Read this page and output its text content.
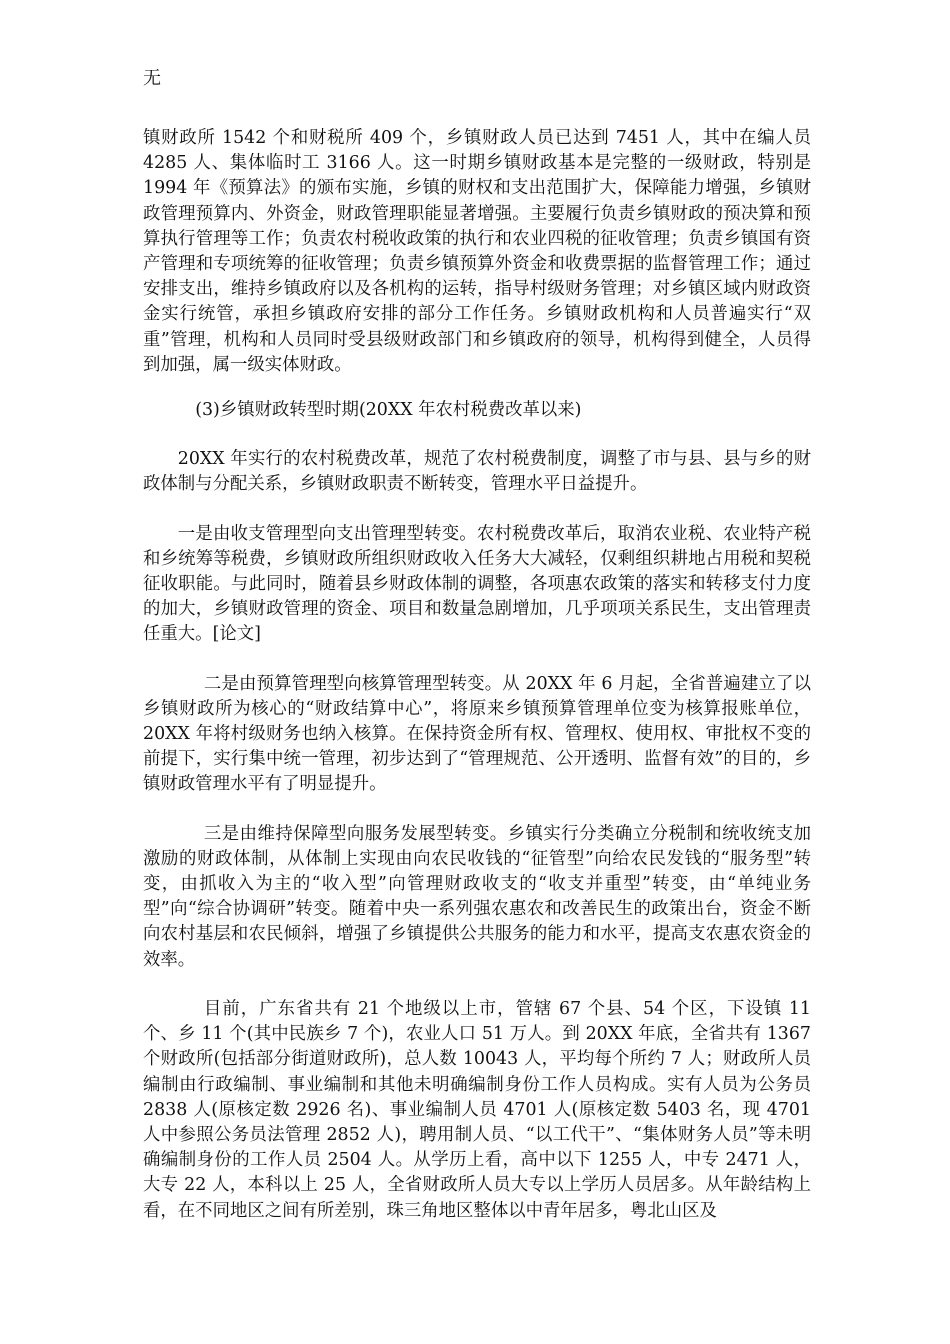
无

镇财政所 1542 个和财税所 409 个，乡镇财政人员已达到 7451 人，其中在编人员 4285 人、集体临时工 3166 人。这一时期乡镇财政基本是完整的一级财政，特别是 1994 年《预算法》的颁布实施，乡镇的财权和支出范围扩大，保障能力增强，乡镇财政管理预算内、外资金，财政管理职能显著增强。主要履行负责乡镇财政的预决算和预算执行管理等工作；负责农村税收政策的执行和农业四税的征收管理；负责乡镇国有资产管理和专项统筹的征收管理；负责乡镇预算外资金和收费票据的监督管理工作；通过安排支出，维持乡镇政府以及各机构的运转，指导村级财务管理；对乡镇区域内财政资金实行统管，承担乡镇政府安排的部分工作任务。乡镇财政机构和人员普遍实行“双重”管理，机构和人员同时受县级财政部门和乡镇政府的领导，机构得到健全，人员得到加强，属一级实体财政。

(3)乡镇财政转型时期(20XX 年农村税费改革以来)

20XX 年实行的农村税费改革，规范了农村税费制度，调整了市与县、县与乡的财政体制与分配关系，乡镇财政职责不断转变，管理水平日益提升。

一是由收支管理型向支出管理型转变。农村税费改革后，取消农业税、农业特产税和乡统筹等税费，乡镇财政所组织财政收入任务大大减轻，仅剩组织耕地占用税和契税征收职能。与此同时，随着县乡财政体制的调整，各项惠农政策的落实和转移支付力度的加大，乡镇财政管理的资金、项目和数量急剧增加，几乎项项关系民生，支出管理责任重大。[论文]

二是由预算管理型向核算管理型转变。从 20XX 年 6 月起，全省普遍建立了以乡镇财政所为核心的“财政结算中心”，将原来乡镇预算管理单位变为核算报账单位，20XX 年将村级财务也纳入核算。在保持资金所有权、管理权、使用权、审批权不变的前提下，实行集中统一管理，初步达到了“管理规范、公开透明、监督有效”的目的，乡镇财政管理水平有了明显提升。

三是由维持保障型向服务发展型转变。乡镇实行分类确立分税制和统收统支加激励的财政体制，从体制上实现由向农民收钱的“征管型”向给农民发钱的“服务型”转变，由抓收入为主的“收入型”向管理财政收支的“收支并重型”转变，由“单纯业务型”向“综合协调研”转变。随着中央一系列强农惠农和改善民生的政策出台，资金不断向农村基层和农民倾斜，增强了乡镇提供公共服务的能力和水平，提高支农惠农资金的效率。

目前，广东省共有 21 个地级以上市，管辖 67 个县、54 个区，下设镇 11 个、乡 11 个(其中民族乡 7 个)，农业人口 51 万人。到 20XX 年底，全省共有 1367 个财政所(包括部分街道财政所)，总人数 10043 人，平均每个所约 7 人；财政所人员编制由行政编制、事业编制和其他未明确编制身份工作人员构成。实有人员为公务员 2838 人(原核定数 2926 名)、事业编制人员 4701 人(原核定数 5403 名，现 4701 人中参照公务员法管理 2852 人)，聘用制人员、“以工代干”、“集体财务人员”等未明确编制身份的工作人员 2504 人。从学历上看，高中以下 1255 人，中专 2471 人，大专 22 人，本科以上 25 人，全省财政所人员大专以上学历人员居多。从年龄结构上看，在不同地区之间有所差别，珠三角地区整体以中青年居多，粤北山区及
